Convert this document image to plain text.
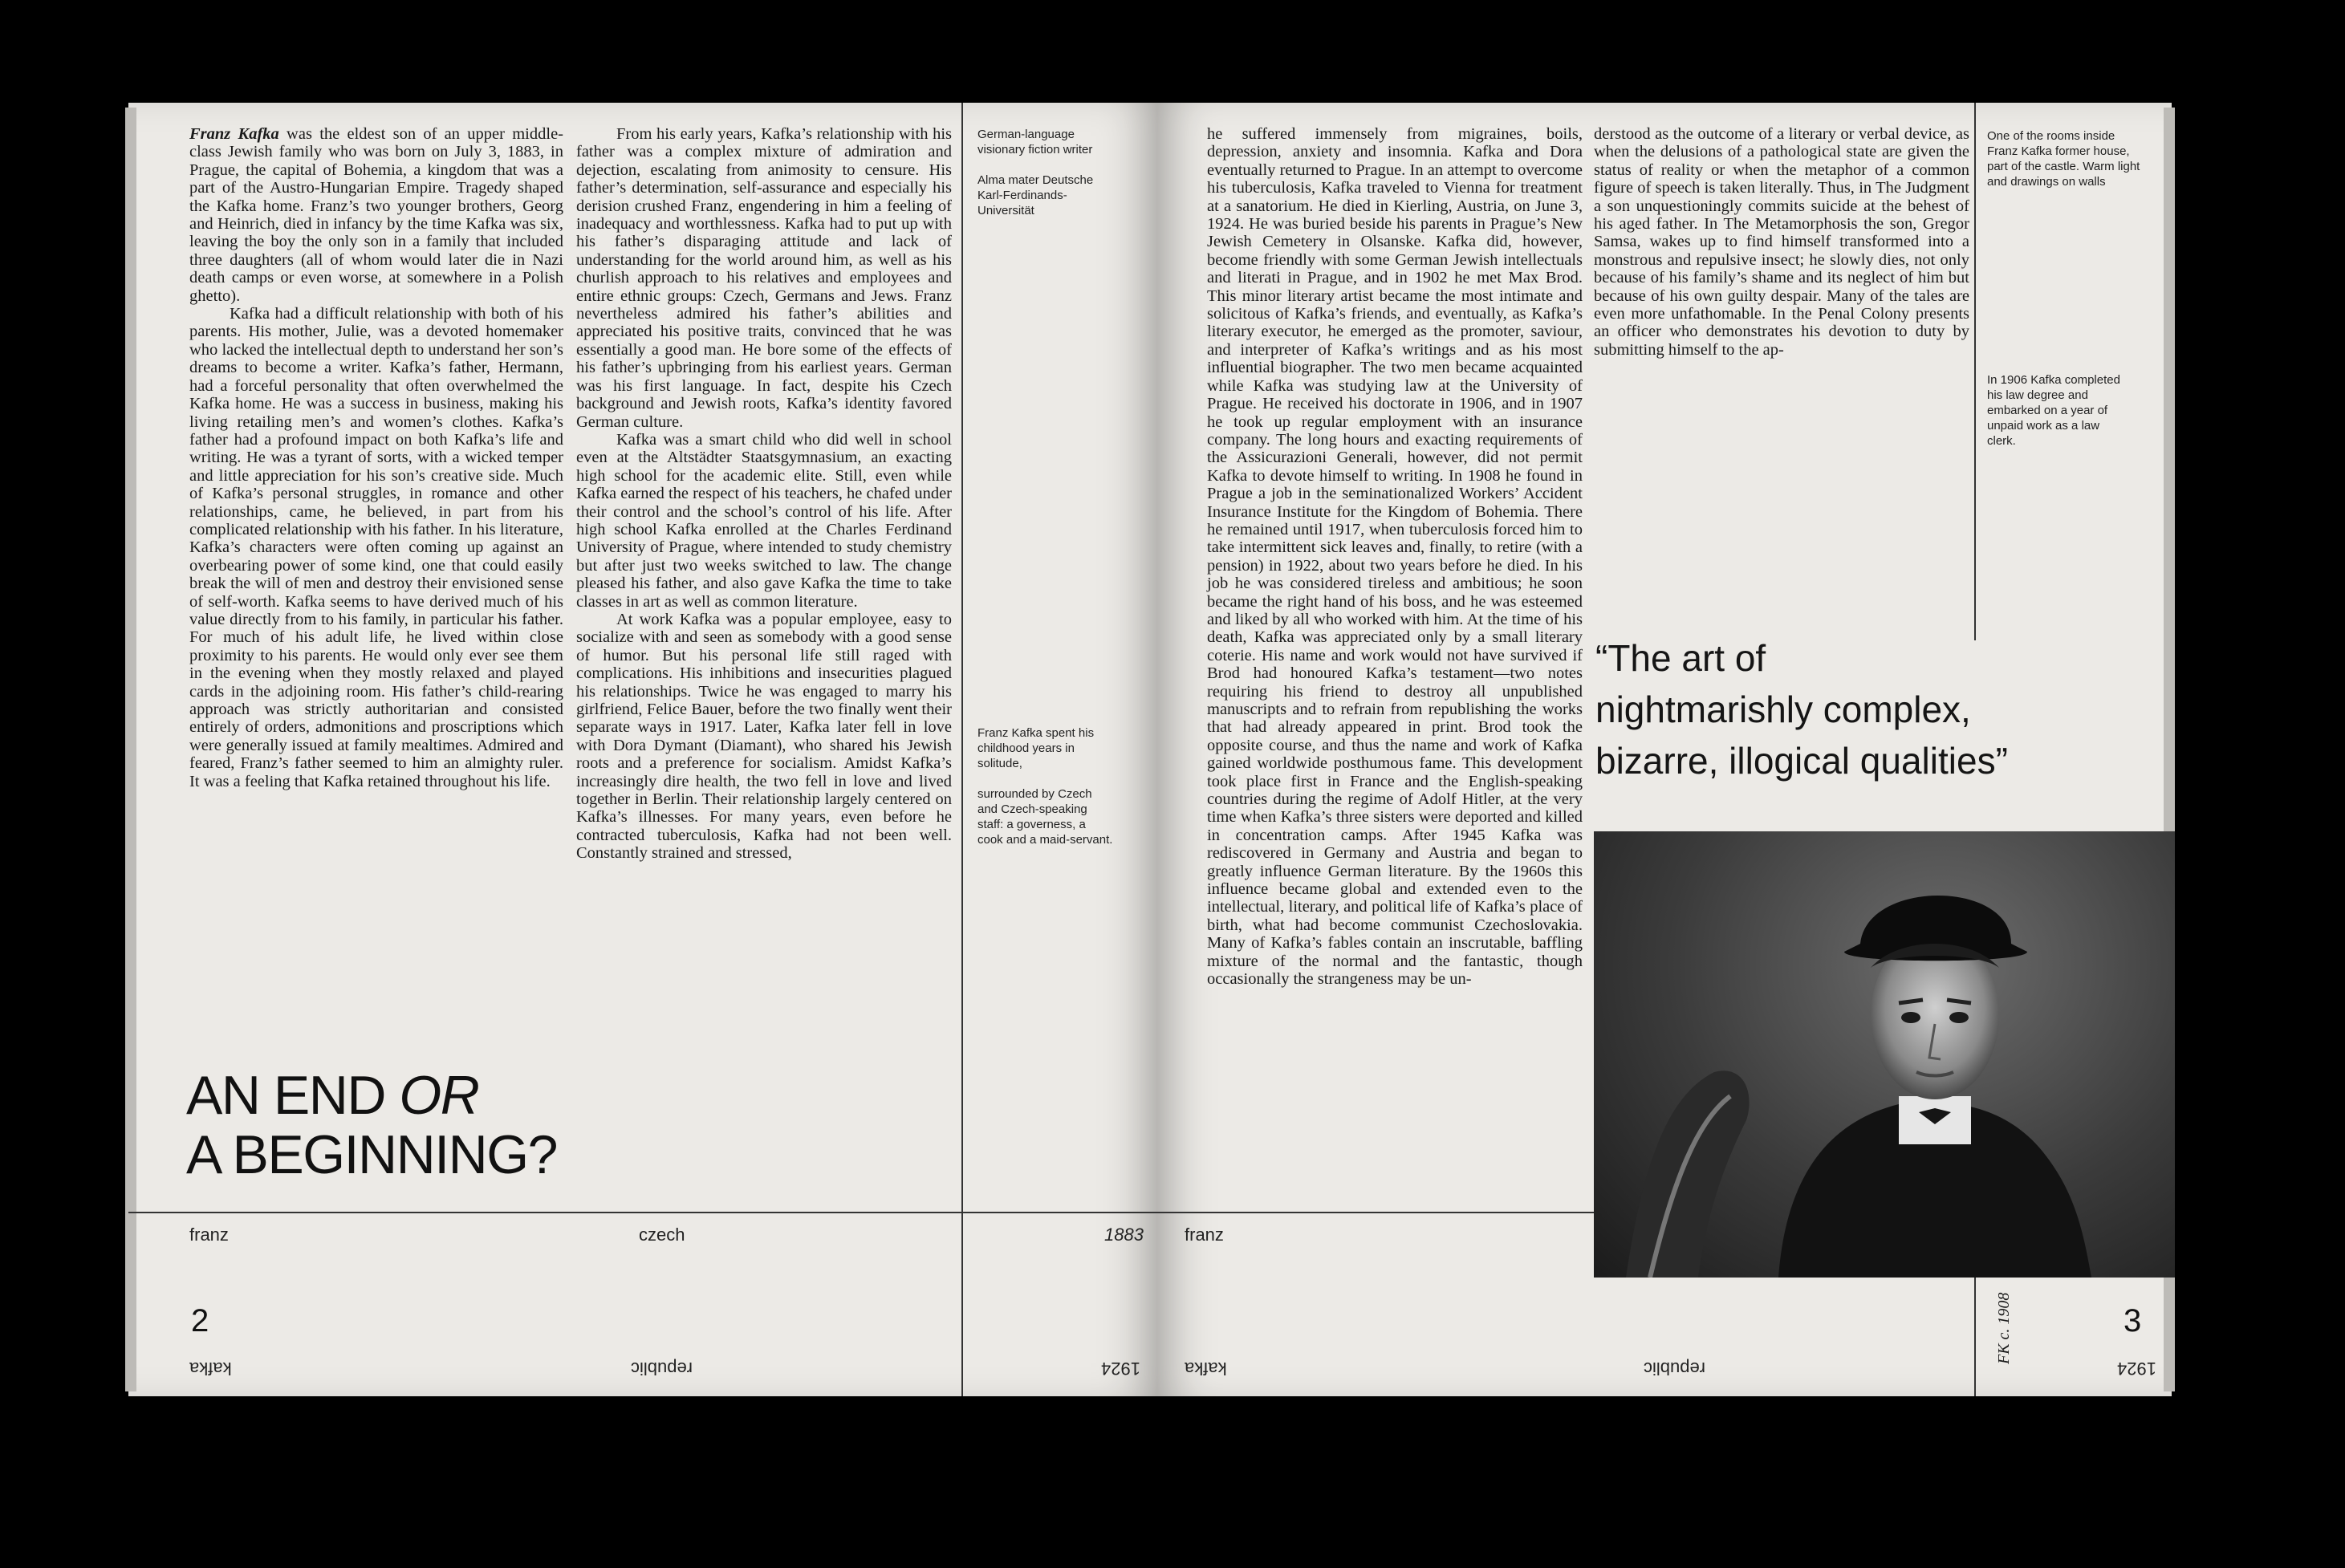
Franz Kafka was the eldest son of an upper middle-class Jewish family who was born on July 3, 1883, in Prague, the capital of Bohemia, a kingdom that was a part of the Austro-Hungarian Empire. Tragedy shaped the Kafka home. Franz’s two younger brothers, Georg and Heinrich, died in infancy by the time Kafka was six, leaving the boy the only son in a family that included three daughters (all of whom would later die in Nazi death camps or even worse, at somewhere in a Polish ghetto).

Kafka had a difficult relationship with both of his parents. His mother, Julie, was a devoted homemaker who lacked the intellectual depth to understand her son’s dreams to become a writer. Kafka’s father, Hermann, had a forceful personality that often overwhelmed the Kafka home. He was a success in business, making his living retailing men’s and women’s clothes. Kafka’s father had a profound impact on both Kafka’s life and writing. He was a tyrant of sorts, with a wicked temper and little appreciation for his son’s creative side. Much of Kafka’s personal struggles, in romance and other relationships, came, he believed, in part from his complicated relationship with his father. In his literature, Kafka’s characters were often coming up against an overbearing power of some kind, one that could easily break the will of men and destroy their envisioned sense of self-worth. Kafka seems to have derived much of his value directly from to his family, in particular his father. For much of his adult life, he lived within close proximity to his parents. He would only ever see them in the evening when they mostly relaxed and played cards in the adjoining room. His father’s child-rearing approach was strictly authoritarian and consisted entirely of orders, admonitions and proscriptions which were generally issued at family mealtimes. Admired and feared, Franz’s father seemed to him an almighty ruler. It was a feeling that Kafka retained throughout his life.

From his early years, Kafka’s relationship with his father was a complex mixture of admiration and dejection, escalating from animosity to censure. His father’s determination, self-assurance and especially his derision crushed Franz, engendering in him a feeling of inadequacy and worthlessness. Kafka had to put up with his father’s disparaging attitude and lack of understanding for the world around him, as well as his churlish approach to his relatives and employees and entire ethnic groups: Czech, Germans and Jews. Franz nevertheless admired his father’s abilities and appreciated his positive traits, convinced that he was essentially a good man. He bore some of the effects of his father’s upbringing from his earliest years. German was his first language. In fact, despite his Czech background and Jewish roots, Kafka’s identity favored German culture.

Kafka was a smart child who did well in school even at the Altstädter Staatsgymnasium, an exacting high school for the academic elite. Still, even while Kafka earned the respect of his teachers, he chafed under their control and the school’s control of his life. After high school Kafka enrolled at the Charles Ferdinand University of Prague, where intended to study chemistry but after just two weeks switched to law. The change pleased his father, and also gave Kafka the time to take classes in art as well as common literature.

At work Kafka was a popular employee, easy to socialize with and seen as somebody with a good sense of humor. But his personal life still raged with complications. His inhibitions and insecurities plagued his relationships. Twice he was engaged to marry his girlfriend, Felice Bauer, before the two finally went their separate ways in 1917. Later, Kafka later fell in love with Dora Dymant (Diamant), who shared his Jewish roots and a preference for socialism. Amidst Kafka’s increasingly dire health, the two fell in love and lived together in Berlin. Their relationship largely centered on Kafka’s illnesses. For many years, even before he contracted tuberculosis, Kafka had not been well. Constantly strained and stressed,

German-language visionary fiction writer

Alma mater Deutsche Karl-Ferdinands-Universität

Franz Kafka spent his childhood years in solitude,

surrounded by Czech and Czech-speaking staff: a governess, a cook and a maid-servant.

franz	czech	1883
2
kafka	republic	1924

he suffered immensely from migraines, boils, depression, anxiety and insomnia. Kafka and Dora eventually returned to Prague. In an attempt to overcome his tuberculosis, Kafka traveled to Vienna for treatment at a sanatorium. He died in Kierling, Austria, on June 3, 1924. He was buried beside his parents in Prague’s New Jewish Cemetery in Olsanske. Kafka did, however, become friendly with some German Jewish intellectuals and literati in Prague, and in 1902 he met Max Brod. This minor literary artist became the most intimate and solicitous of Kafka’s friends, and eventually, as Kafka’s literary executor, he emerged as the promoter, saviour, and interpreter of Kafka’s writings and as his most influential biographer. The two men became acquainted while Kafka was studying law at the University of Prague. He received his doctorate in 1906, and in 1907 he took up regular employment with an insurance company. The long hours and exacting requirements of the Assicurazioni Generali, however, did not permit Kafka to devote himself to writing. In 1908 he found in Prague a job in the seminationalized Workers’ Accident Insurance Institute for the Kingdom of Bohemia. There he remained until 1917, when tuberculosis forced him to take intermittent sick leaves and, finally, to retire (with a pension) in 1922, about two years before he died. In his job he was considered tireless and ambitious; he soon became the right hand of his boss, and he was esteemed and liked by all who worked with him. At the time of his death, Kafka was appreciated only by a small literary coterie. His name and work would not have survived if Brod had honoured Kafka’s testament—two notes requiring his friend to destroy all unpublished manuscripts and to refrain from republishing the works that had already appeared in print. Brod took the opposite course, and thus the name and work of Kafka gained worldwide posthumous fame. This development took place first in France and the English-speaking countries during the regime of Adolf Hitler, at the very time when Kafka’s three sisters were deported and killed in concentration camps. After 1945 Kafka was rediscovered in Germany and Austria and began to greatly influence German literature. By the 1960s this influence became global and extended even to the intellectual, literary, and political life of Kafka’s place of birth, what had become communist Czechoslovakia. Many of Kafka’s fables contain an inscrutable, baffling mixture of the normal and the fantastic, though occasionally the strangeness may be un-

derstood as the outcome of a literary or verbal device, as when the delusions of a pathological state are given the status of reality or when the metaphor of a common figure of speech is taken literally. Thus, in The Judgment a son unquestioningly commits suicide at the behest of his aged father. In The Metamorphosis the son, Gregor Samsa, wakes up to find himself transformed into a monstrous and repulsive insect; he slowly dies, not only because of his family’s shame and its neglect of him but because of his own guilty despair. Many of the tales are even more unfathomable. In the Penal Colony presents an officer who demonstrates his devotion to duty by submitting himself to the ap-

One of the rooms inside Franz Kafka former house, part of the castle. Warm light and drawings on walls

In 1906 Kafka completed his law degree and embarked on a year of unpaid work as a law clerk.

franz
3
kafka	republic	1924
FK c. 1908
AN END OR
A BEGINNING?
“The art of
nightmarishly complex,
bizarre, illogical qualities”
